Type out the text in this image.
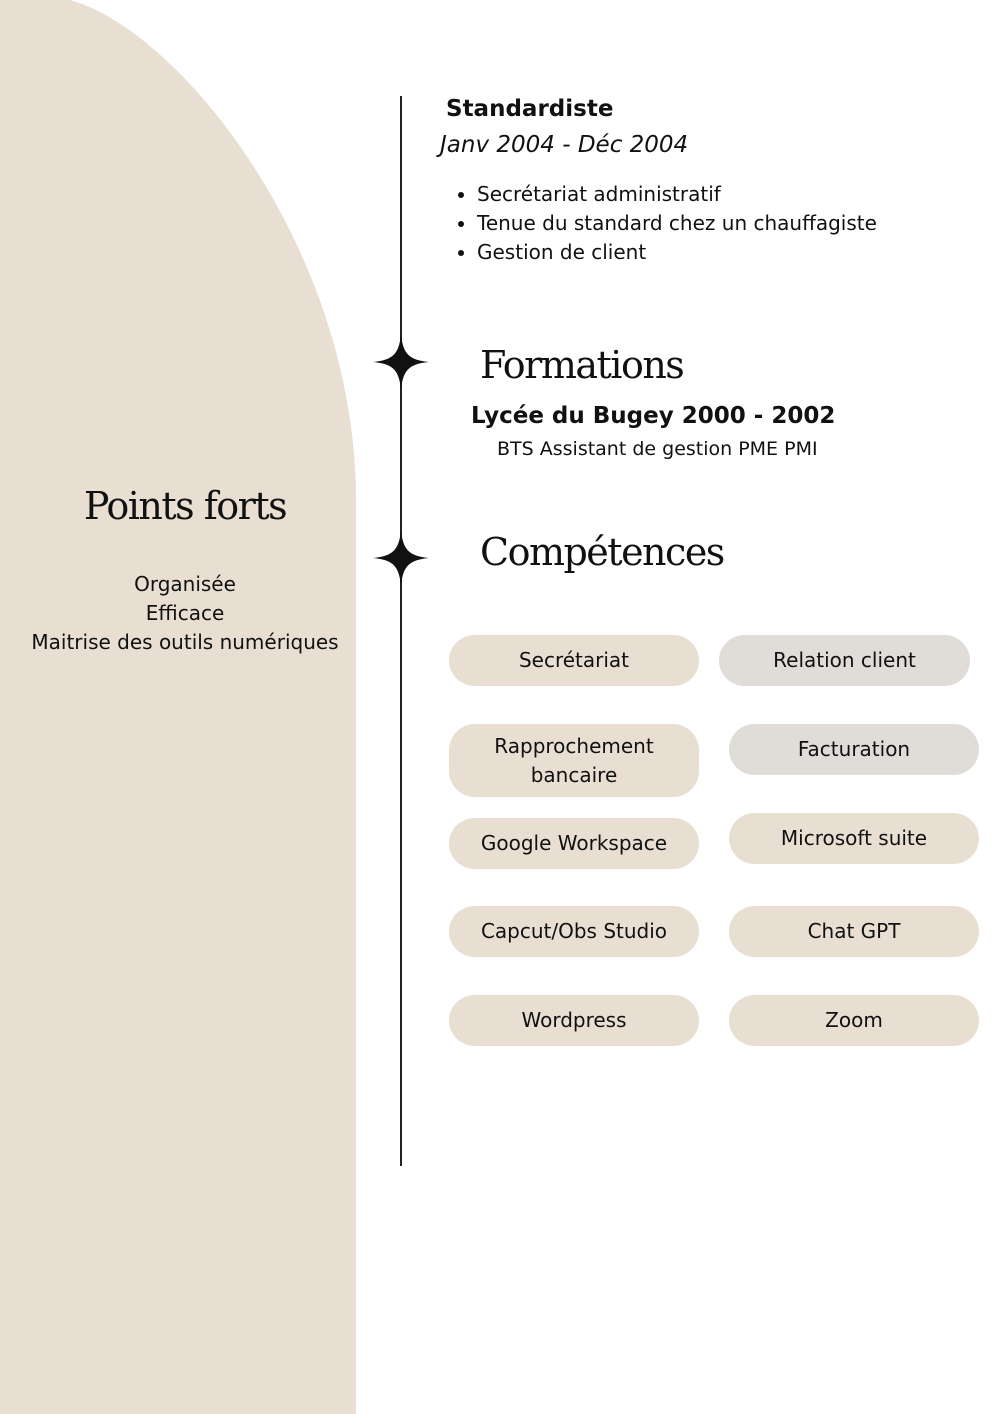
Points forts
Organisée
Efficace
Maitrise des outils numériques
Standardiste

Janv 2004 - Déc 2004

• Secrétariat administratif
• Tenue du standard chez un chauffagiste
• Gestion de client
Formations

Lycée du Bugey 2000 - 2002

BTS Assistant de gestion PME PMI

Compétences
Secrétariat	Relation client
Rapprochement bancaire
Facturation
Google Workspace	Microsoft suite
Capcut/Obs Studio	Chat GPT
Wordpress	Zoom
